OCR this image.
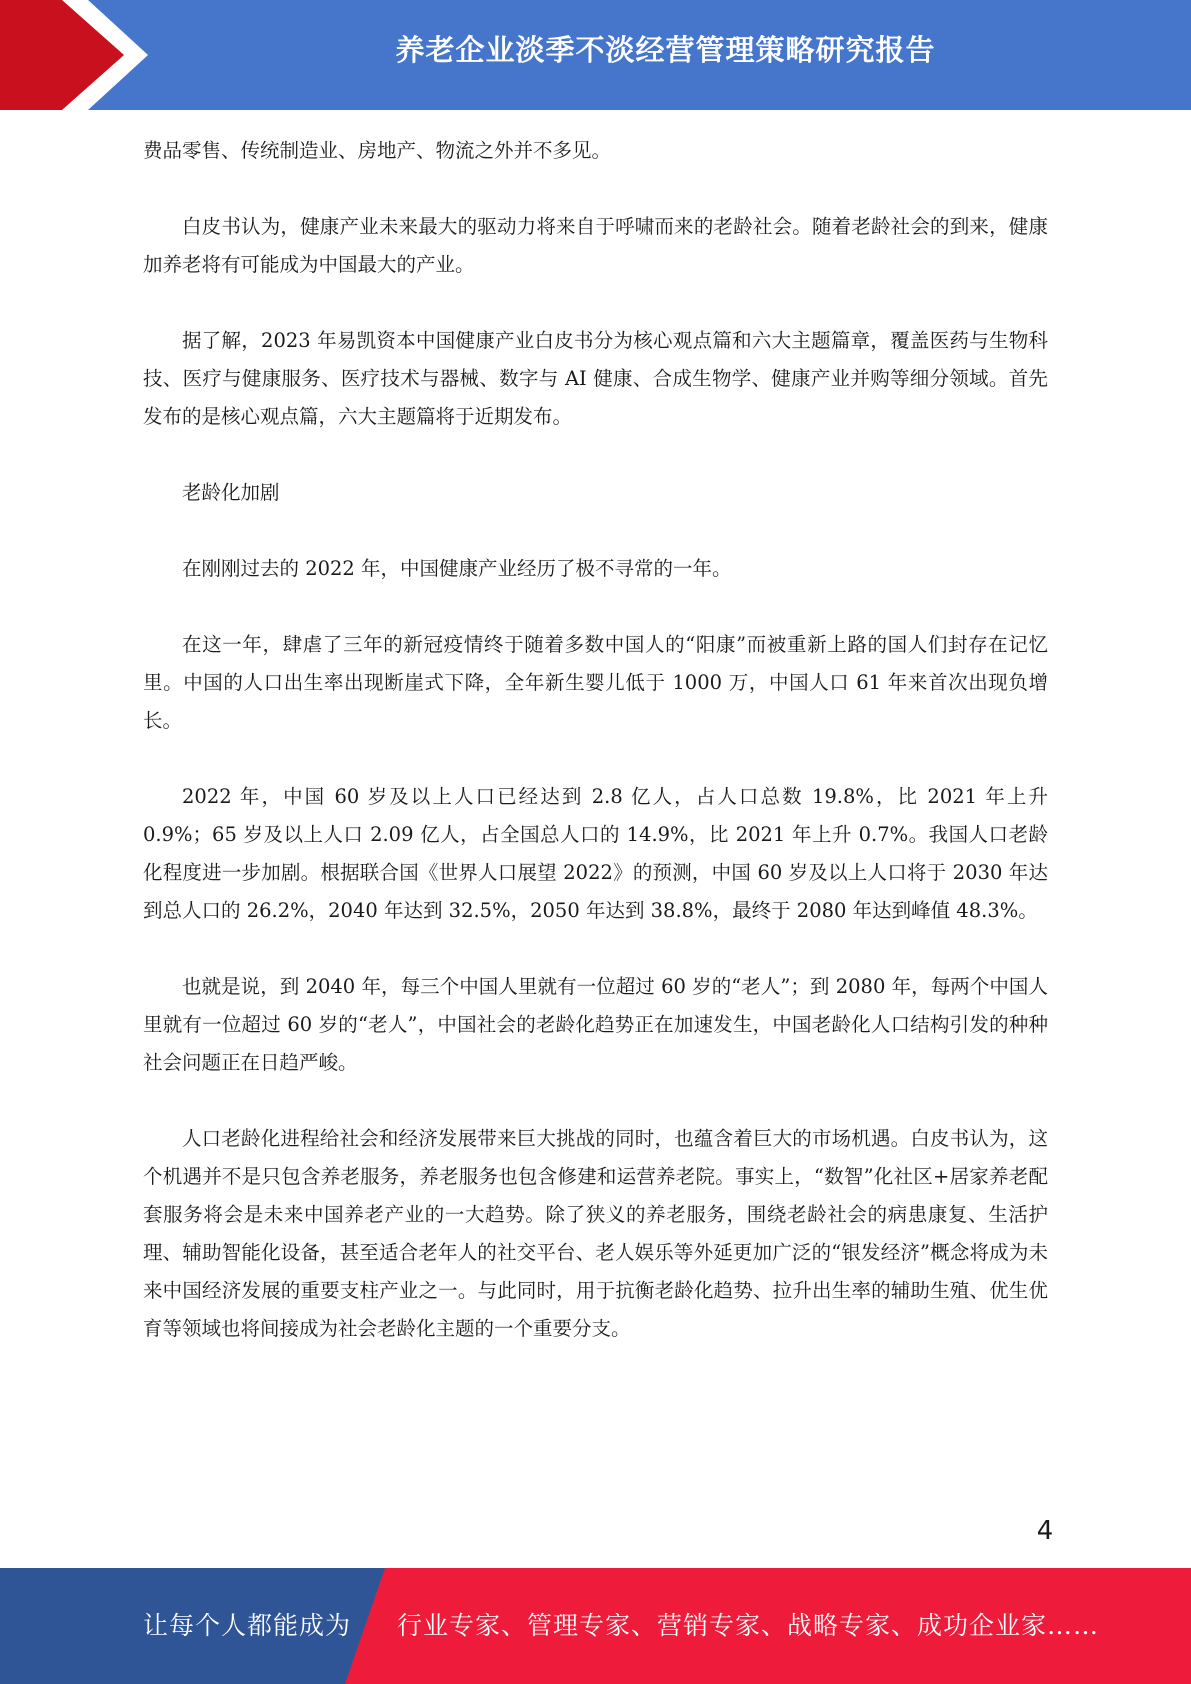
养老企业淡季不淡经营管理策略研究报告

费品零售、传统制造业、房地产、物流之外并不多见。

白皮书认为，健康产业未来最大的驱动力将来自于呼啸而来的老龄社会。随着老龄社会的到来，健康加养老将有可能成为中国最大的产业。

据了解，2023 年易凯资本中国健康产业白皮书分为核心观点篇和六大主题篇章，覆盖医药与生物科技、医疗与健康服务、医疗技术与器械、数字与 AI 健康、合成生物学、健康产业并购等细分领域。首先发布的是核心观点篇，六大主题篇将于近期发布。

老龄化加剧

在刚刚过去的 2022 年，中国健康产业经历了极不寻常的一年。

在这一年，肆虐了三年的新冠疫情终于随着多数中国人的“阳康”而被重新上路的国人们封存在记忆里。中国的人口出生率出现断崖式下降，全年新生婴儿低于 1000 万，中国人口 61 年来首次出现负增长。

2022 年，中国 60 岁及以上人口已经达到 2.8 亿人，占人口总数 19.8%，比 2021 年上升 0.9%；65 岁及以上人口 2.09 亿人，占全国总人口的 14.9%，比 2021 年上升 0.7%。我国人口老龄化程度进一步加剧。根据联合国《世界人口展望 2022》的预测，中国 60 岁及以上人口将于 2030 年达到总人口的 26.2%，2040 年达到 32.5%，2050 年达到 38.8%，最终于 2080 年达到峰值 48.3%。

也就是说，到 2040 年，每三个中国人里就有一位超过 60 岁的“老人”；到 2080 年，每两个中国人里就有一位超过 60 岁的“老人”，中国社会的老龄化趋势正在加速发生，中国老龄化人口结构引发的种种社会问题正在日趋严峻。

人口老龄化进程给社会和经济发展带来巨大挑战的同时，也蕴含着巨大的市场机遇。白皮书认为，这个机遇并不是只包含养老服务，养老服务也包含修建和运营养老院。事实上，“数智”化社区+居家养老配套服务将会是未来中国养老产业的一大趋势。除了狭义的养老服务，围绕老龄社会的病患康复、生活护理、辅助智能化设备，甚至适合老年人的社交平台、老人娱乐等外延更加广泛的“银发经济”概念将成为未来中国经济发展的重要支柱产业之一。与此同时，用于抗衡老龄化趋势、拉升出生率的辅助生殖、优生优育等领域也将间接成为社会老龄化主题的一个重要分支。

4
让每个人都能成为 行业专家、管理专家、营销专家、战略专家、成功企业家……
